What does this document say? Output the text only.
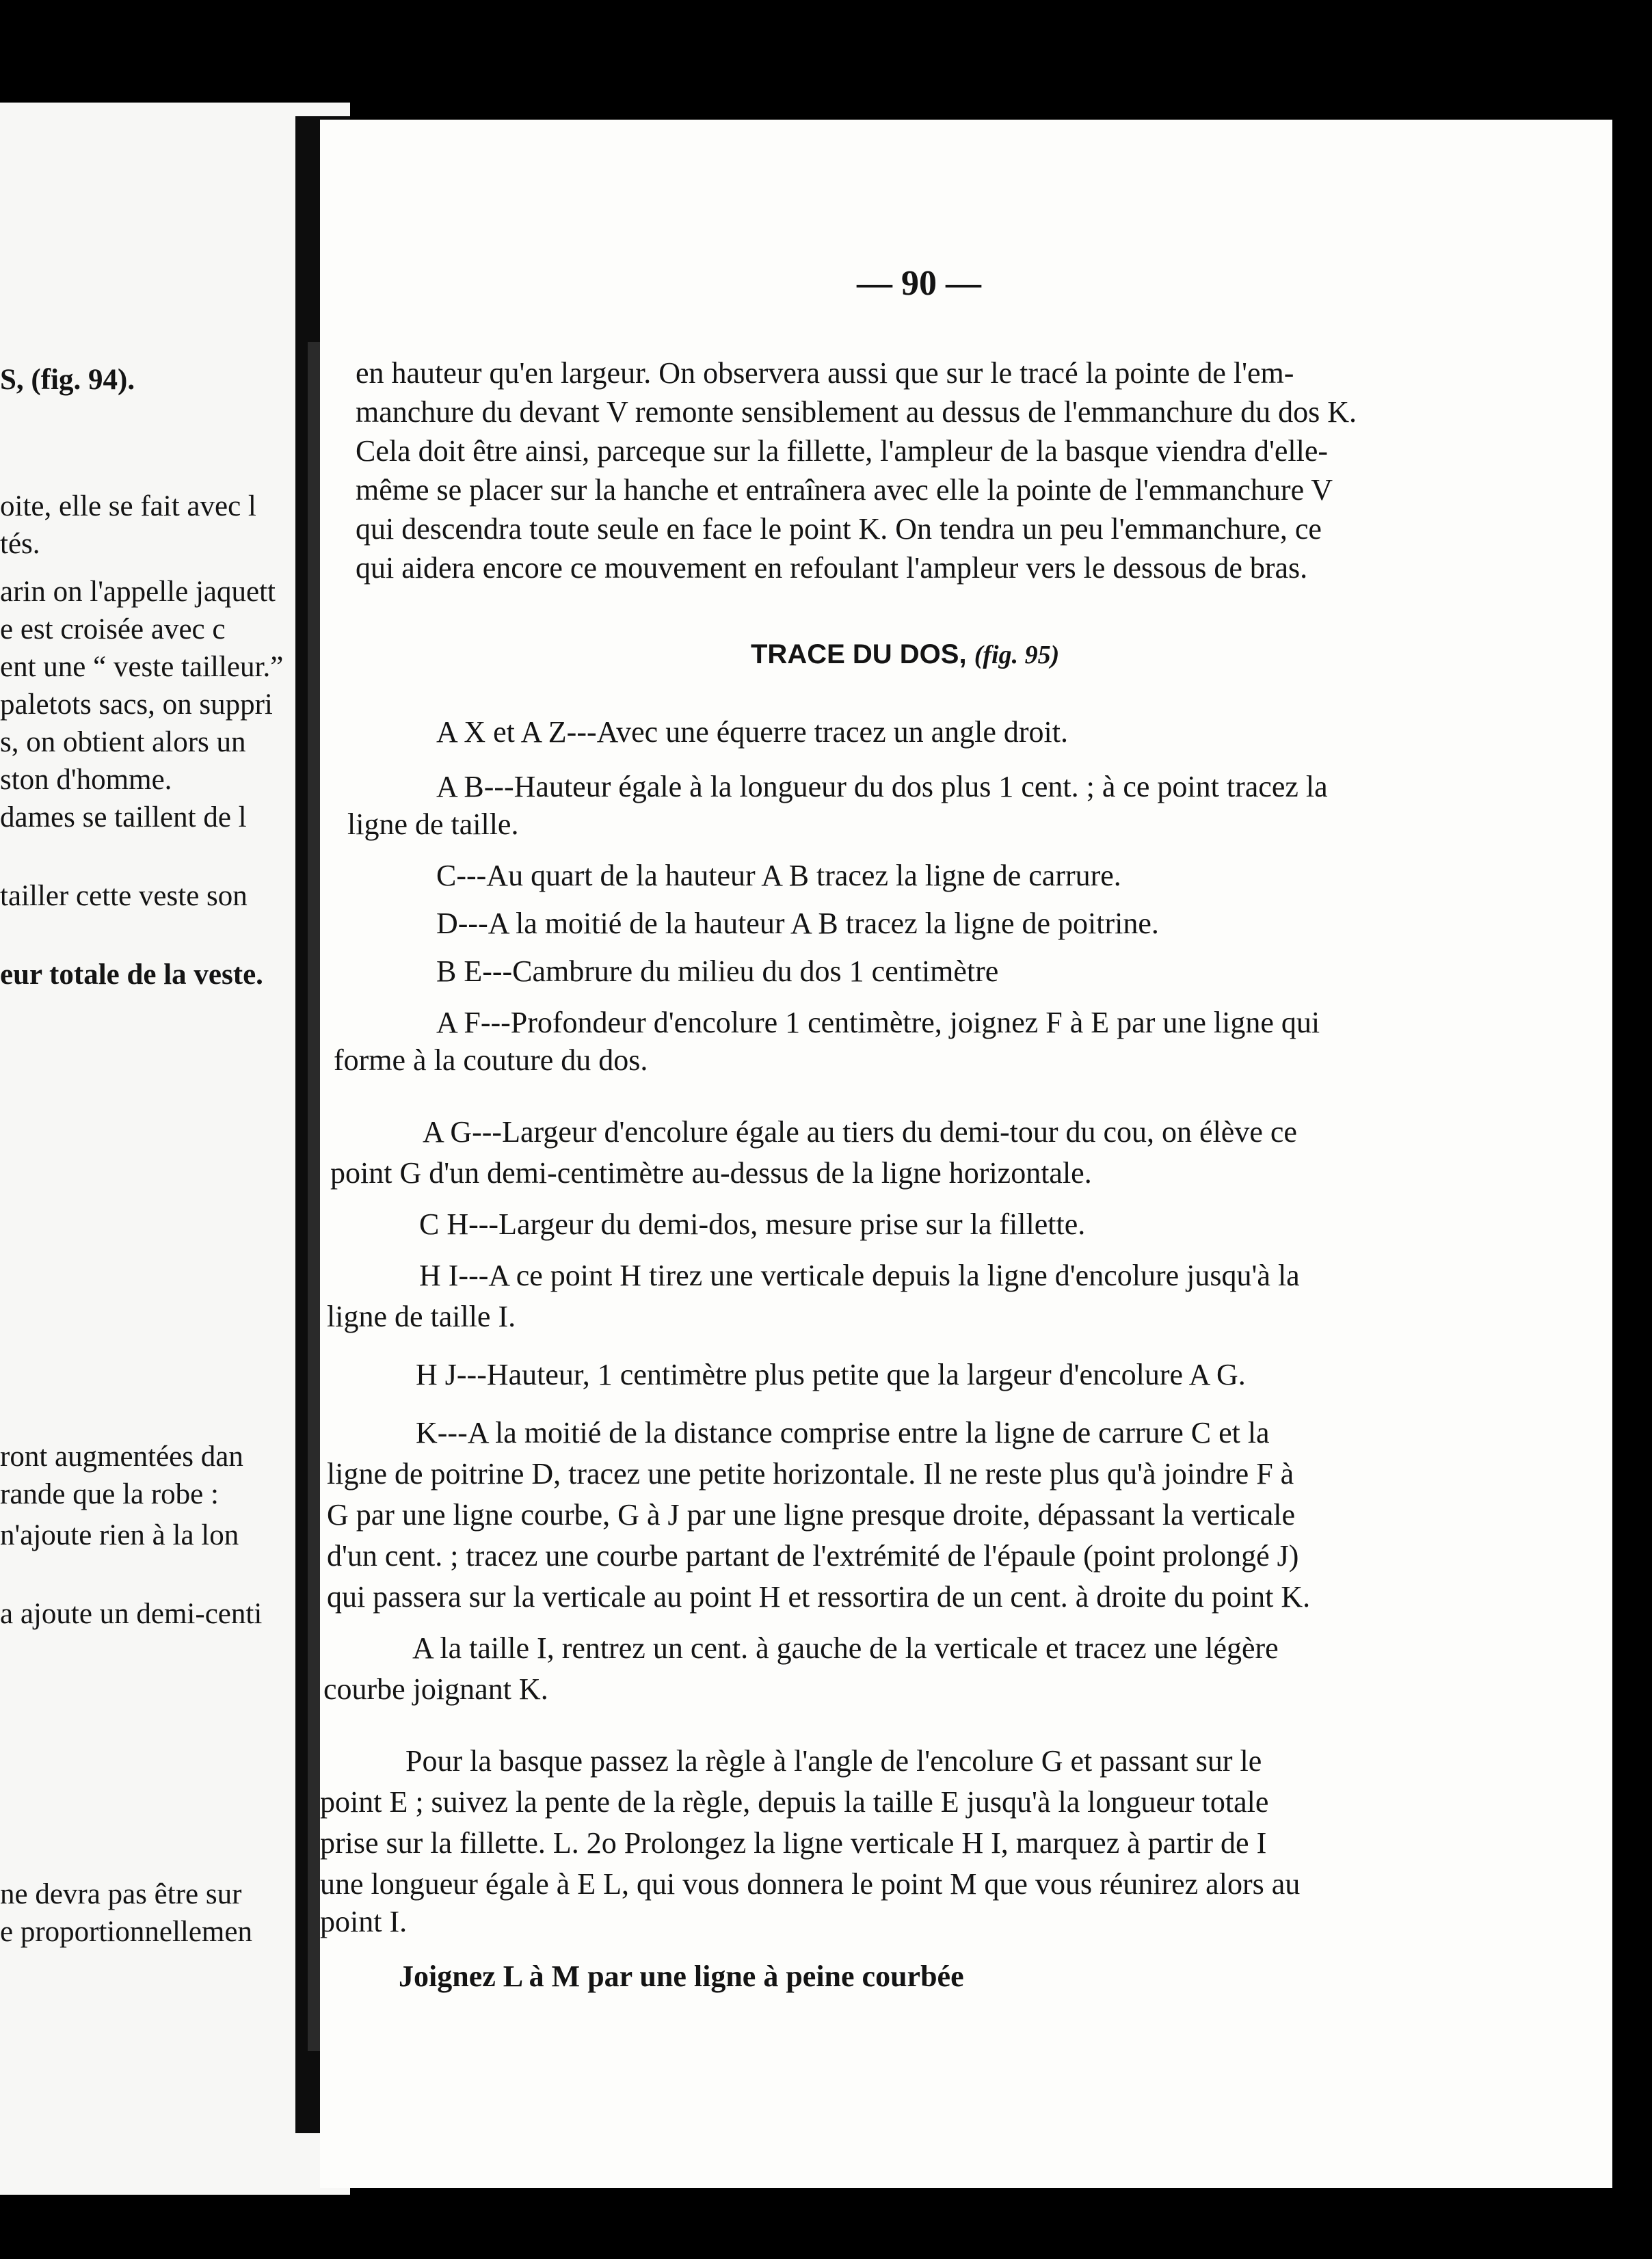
S, (fig. 94).
oite, elle se fait avec l
tés.
arin on l'appelle jaquett
e est croisée avec c
ent une “ veste tailleur.”
paletots sacs, on suppri
s, on obtient alors un
ston d'homme.
dames se taillent de l
tailler cette veste son
eur totale de la veste.
ront augmentées dan
rande que la robe :
n'ajoute rien à la lon
a ajoute un demi-centi
ne devra pas être sur
e proportionnellemen
— 90 —
en hauteur qu'en largeur. On observera aussi que sur le tracé la pointe de l'em-
manchure du devant V remonte sensiblement au dessus de l'emmanchure du dos K.
Cela doit être ainsi, parceque sur la fillette, l'ampleur de la basque viendra d'elle-
même se placer sur la hanche et entraînera avec elle la pointe de l'emmanchure V
qui descendra toute seule en face le point K. On tendra un peu l'emmanchure, ce
qui aidera encore ce mouvement en refoulant l'ampleur vers le dessous de bras.
TRACE DU DOS, (fig. 95)
A X et A Z---Avec une équerre tracez un angle droit.
A B---Hauteur égale à la longueur du dos plus 1 cent. ; à ce point tracez la
ligne de taille.
C---Au quart de la hauteur A B tracez la ligne de carrure.
D---A la moitié de la hauteur A B tracez la ligne de poitrine.
B E---Cambrure du milieu du dos 1 centimètre
A F---Profondeur d'encolure 1 centimètre, joignez F à E par une ligne qui
forme à la couture du dos.
A G---Largeur d'encolure égale au tiers du demi-tour du cou, on élève ce
point G d'un demi-centimètre au-dessus de la ligne horizontale.
C H---Largeur du demi-dos, mesure prise sur la fillette.
H I---A ce point H tirez une verticale depuis la ligne d'encolure jusqu'à la
ligne de taille I.
H J---Hauteur, 1 centimètre plus petite que la largeur d'encolure A G.
K---A la moitié de la distance comprise entre la ligne de carrure C et la
ligne de poitrine D, tracez une petite horizontale. Il ne reste plus qu'à joindre F à
G par une ligne courbe, G à J par une ligne presque droite, dépassant la verticale
d'un cent. ; tracez une courbe partant de l'extrémité de l'épaule (point prolongé J)
qui passera sur la verticale au point H et ressortira de un cent. à droite du point K.
A la taille I, rentrez un cent. à gauche de la verticale et tracez une légère
courbe joignant K.
Pour la basque passez la règle à l'angle de l'encolure G et passant sur le
point E ; suivez la pente de la règle, depuis la taille E jusqu'à la longueur totale
prise sur la fillette. L. 2o Prolongez la ligne verticale H I, marquez à partir de I
une longueur égale à E L, qui vous donnera le point M que vous réunirez alors au
point I.
Joignez L à M par une ligne à peine courbée
